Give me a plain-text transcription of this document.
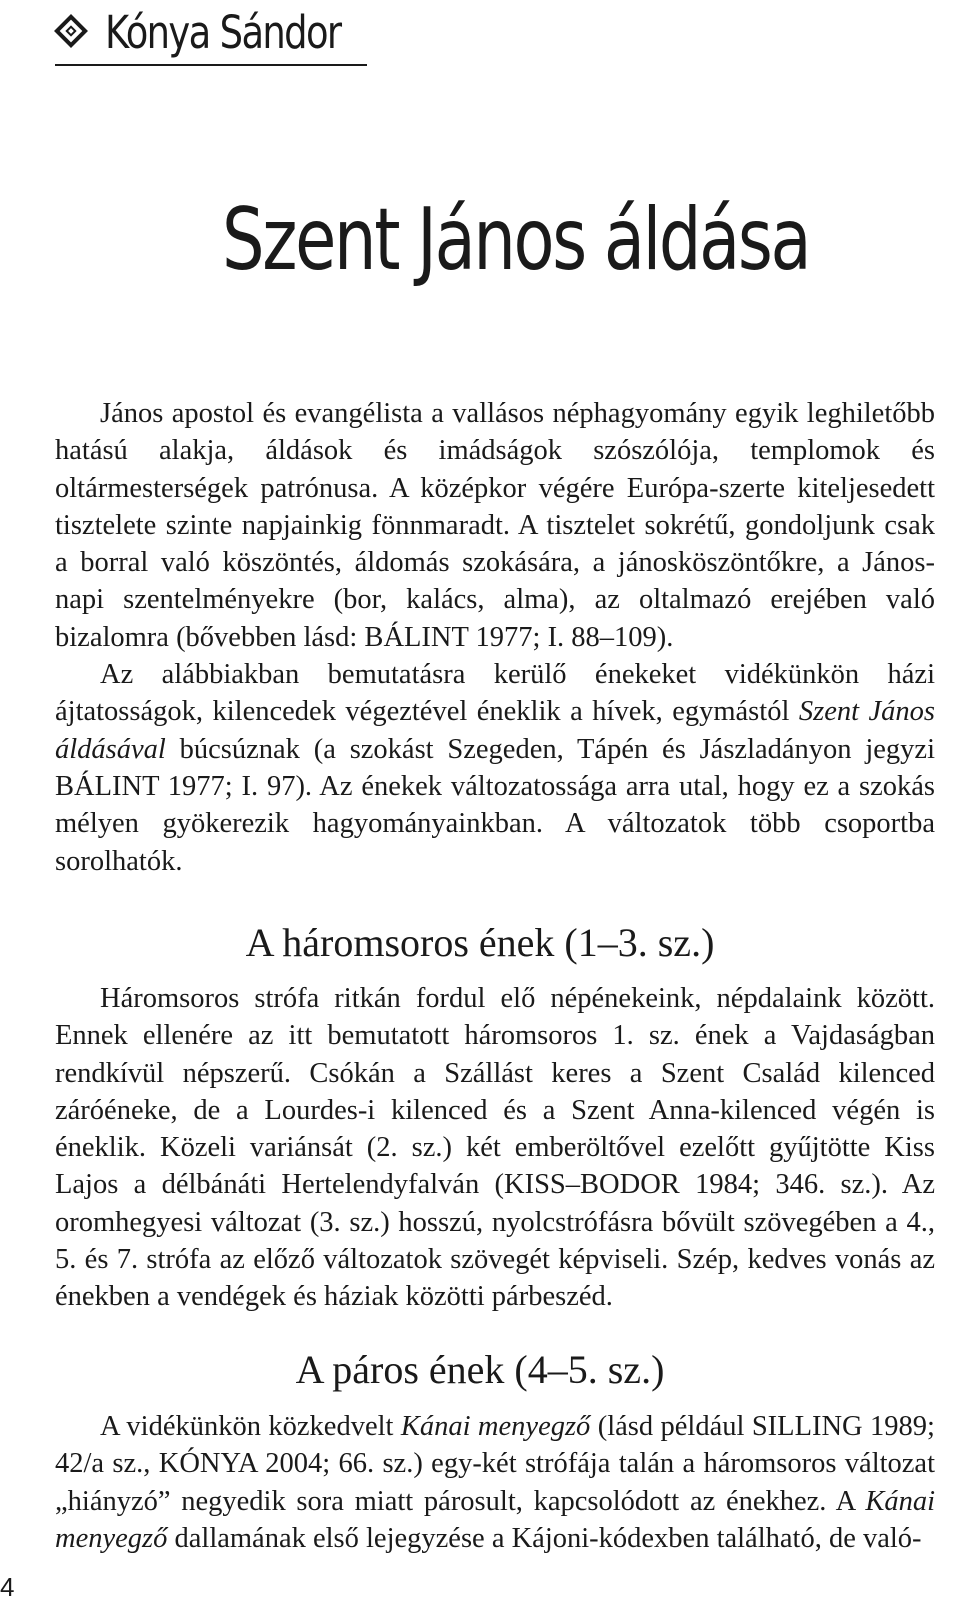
Kónya Sándor
Szent János áldása

János apostol és evangélista a vallásos néphagyomány egyik leghiletőbb hatású alakja, áldások és imádságok szószólója, templomok és oltármesterségek patrónusa. A középkor végére Európa-szerte kiteljesedett tisztelete szinte napjainkig fönnmaradt. A tisztelet sokrétű, gondoljunk csak a borral való köszöntés, áldomás szokására, a jánosköszöntőkre, a János-napi szentelményekre (bor, kalács, alma), az oltalmazó erejében való bizalomra (bővebben lásd: BÁLINT 1977; I. 88–109).

Az alábbiakban bemutatásra kerülő énekeket vidékünkön házi ájtatosságok, kilencedek végeztével éneklik a hívek, egymástól Szent János áldásával búcsúznak (a szokást Szegeden, Tápén és Jászladányon jegyzi BÁLINT 1977; I. 97). Az énekek változatossága arra utal, hogy ez a szokás mélyen gyökerezik hagyományainkban. A változatok több csoportba sorolhatók.

A háromsoros ének (1–3. sz.)

Háromsoros strófa ritkán fordul elő népénekeink, népdalaink között. Ennek ellenére az itt bemutatott háromsoros 1. sz. ének a Vajdaságban rendkívül népszerű. Csókán a Szállást keres a Szent Család kilenced záróéneke, de a Lourdes-i kilenced és a Szent Anna-kilenced végén is éneklik. Közeli variánsát (2. sz.) két emberöltővel ezelőtt gyűjtötte Kiss Lajos a délbánáti Hertelendyfalván (KISS–BODOR 1984; 346. sz.). Az oromhegyesi változat (3. sz.) hosszú, nyolcstrófásra bővült szövegében a 4., 5. és 7. strófa az előző változatok szövegét képviseli. Szép, kedves vonás az énekben a vendégek és háziak közötti párbeszéd.

A páros ének (4–5. sz.)

A vidékünkön közkedvelt Kánai menyegző (lásd például SILLING 1989; 42/a sz., KÓNYA 2004; 66. sz.) egy-két strófája talán a háromsoros változat „hiányzó” negyedik sora miatt párosult, kapcsolódott az énekhez. A Kánai menyegző dallamának első lejegyzése a Kájoni-kódexben található, de való-

4
